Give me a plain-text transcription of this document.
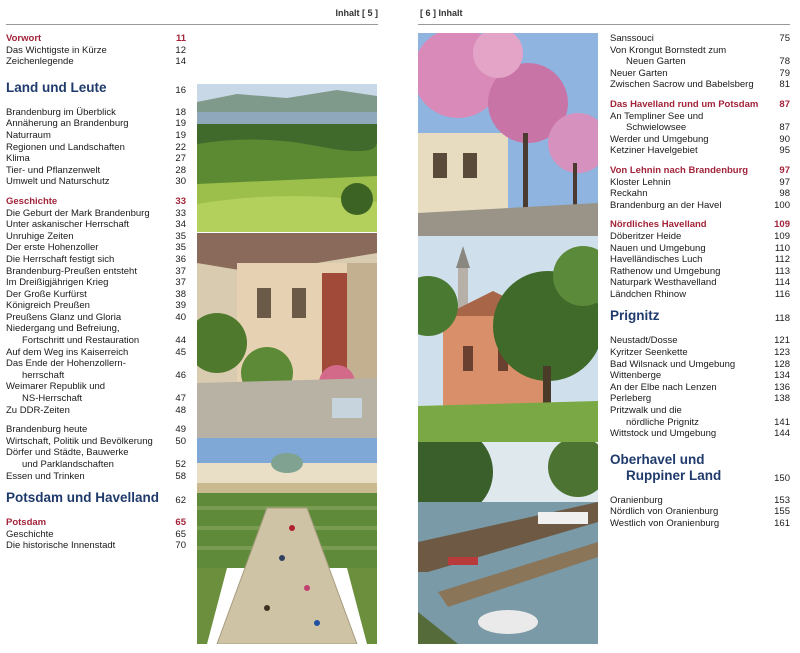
Inhalt [ 5 ]
Vorwort	11
Das Wichtigste in Kürze	12
Zeichenlegende	14
Land und Leute	16
Brandenburg im Überblick	18
Annäherung an Brandenburg	19
Naturraum	19
Regionen und Landschaften	22
Klima	27
Tier- und Pflanzenwelt	28
Umwelt und Naturschutz	30
Geschichte	33
Die Geburt der Mark Brandenburg	33
Unter askanischer Herrschaft	34
Unruhige Zeiten	35
Der erste Hohenzoller	35
Die Herrschaft festigt sich	36
Brandenburg-Preußen entsteht	37
Im Dreißigjährigen Krieg	37
Der Große Kurfürst	38
Königreich Preußen	39
Preußens Glanz und Gloria	40
Niedergang und Befreiung,
Fortschritt und Restauration	44
Auf dem Weg ins Kaiserreich	45
Das Ende der Hohenzollern-
herrschaft	46
Weimarer Republik und
NS-Herrschaft	47
Zu DDR-Zeiten	48
Brandenburg heute	49
Wirtschaft, Politik und Bevölkerung	50
Dörfer und Städte, Bauwerke
und Parklandschaften	52
Essen und Trinken	58
Potsdam und Havelland	62
Potsdam	65
Geschichte	65
Die historische Innenstadt	70
[ 6 ] Inhalt
Sanssouci	75
Von Krongut Bornstedt zum
Neuen Garten	78
Neuer Garten	79
Zwischen Sacrow und Babelsberg	81
Das Havelland rund um Potsdam	87
An Templiner See und
Schwielowsee	87
Werder und Umgebung	90
Ketziner Havelgebiet	95
Von Lehnin nach Brandenburg	97
Kloster Lehnin	97
Reckahn	98
Brandenburg an der Havel	100
Nördliches Havelland	109
Döberitzer Heide	109
Nauen und Umgebung	110
Havelländisches Luch	112
Rathenow und Umgebung	113
Naturpark Westhavelland	114
Ländchen Rhinow	116
Prignitz	118
Neustadt/Dosse	121
Kyritzer Seenkette	123
Bad Wilsnack und Umgebung	128
Wittenberge	134
An der Elbe nach Lenzen	136
Perleberg	138
Pritzwalk und die
nördliche Prignitz	141
Wittstock und Umgebung	144
Oberhavel und
Ruppiner Land	150
Oranienburg	153
Nördlich von Oranienburg	155
Westlich von Oranienburg	161
